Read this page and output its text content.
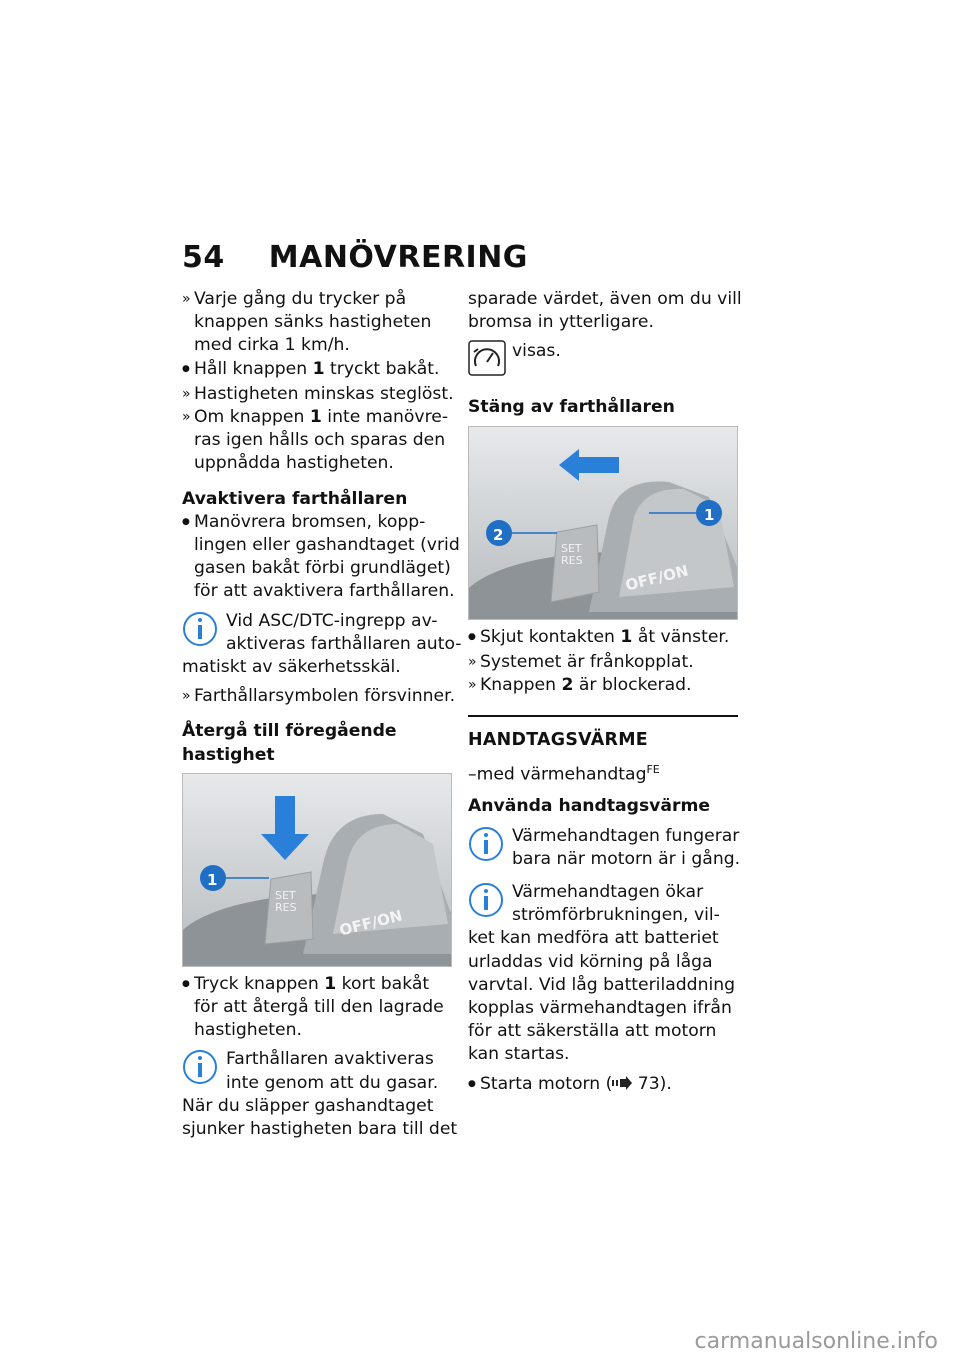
54 MANÖVRERING
»
Varje gång du trycker på
knappen sänks hastigheten
med cirka 1 km/h.
●
Håll knappen 1 tryckt bakåt.
»
Hastigheten minskas steglöst.
»
Om knappen 1 inte manövre-
ras igen hålls och sparas den
uppnådda hastigheten.
Avaktivera farthållaren
●
Manövrera bromsen, kopp-
lingen eller gashandtaget (vrid
gasen bakåt förbi grundläget)
för att avaktivera farthållaren.
Vid ASC/DTC-ingrepp av-
aktiveras farthållaren auto-
matiskt av säkerhetsskäl.
»
Farthållarsymbolen försvinner.
Återgå till föregående
hastighet
1
SET
RES	OFF/ON
●
Tryck knappen 1 kort bakåt
för att återgå till den lagrade
hastigheten.
Farthållaren avaktiveras
inte genom att du gasar.
När du släpper gashandtaget
sjunker hastigheten bara till det
sparade värdet, även om du vill
bromsa in ytterligare.
visas.
Stäng av farthållaren
1
2
SET
RES
OFF/ON
●
Skjut kontakten 1 åt vänster.
»
Systemet är frånkopplat.
»
Knappen 2 är blockerad.
HANDTAGSVÄRME
–med värmehandtag$^{FE}$
Använda handtagsvärme
Värmehandtagen fungerar
bara när motorn är i gång.
Värmehandtagen ökar
strömförbrukningen, vil-
ket kan medföra att batteriet
urladdas vid körning på låga
varvtal. Vid låg batteriladdning
kopplas värmehandtagen ifrån
för att säkerställa att motorn
kan startas.
●
Starta motorn ( 73).
carmanualsonline.info
